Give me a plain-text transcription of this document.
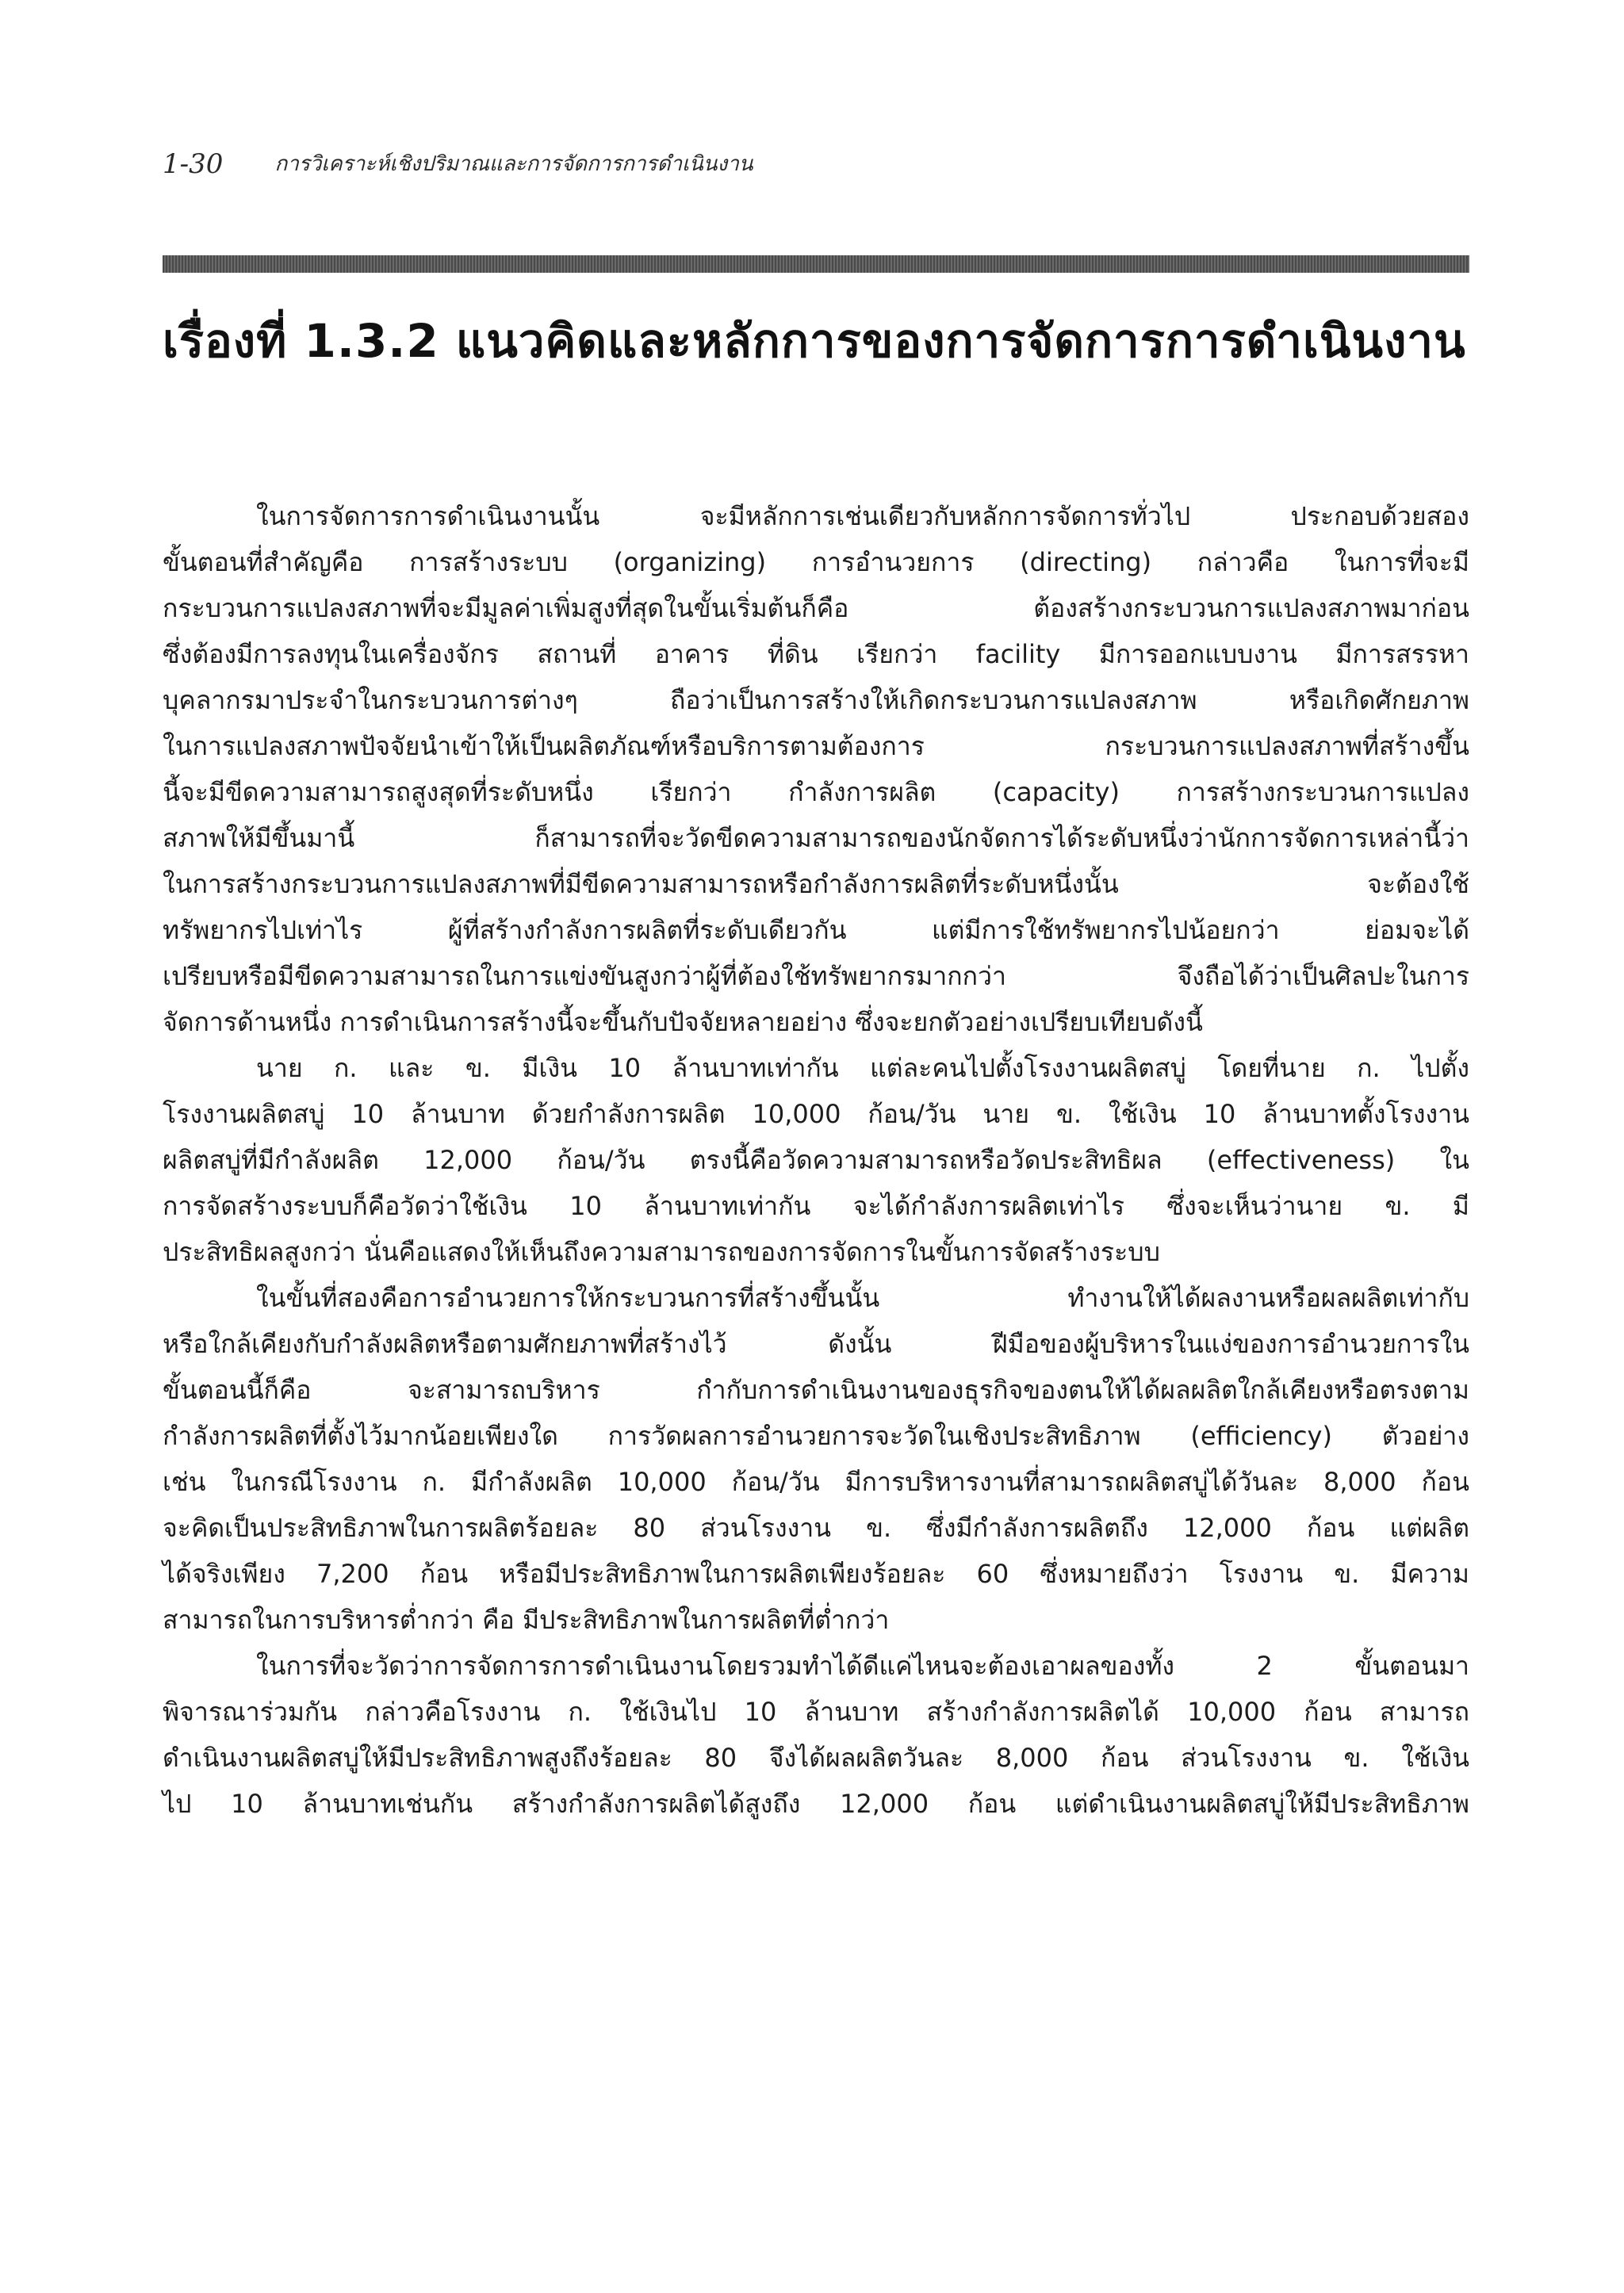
1-30	การวิเคราะห์เชิงปริมาณและการจัดการการดำเนินงาน
เรื่องที่ 1.3.2 แนวคิดและหลักการของการจัดการการดำเนินงาน
ในการจัดการการดำเนินงานนั้น จะมีหลักการเช่นเดียวกับหลักการจัดการทั่วไป ประกอบด้วยสอง
ขั้นตอนที่สำคัญคือ การสร้างระบบ (organizing) การอำนวยการ (directing) กล่าวคือ ในการที่จะมี
กระบวนการแปลงสภาพที่จะมีมูลค่าเพิ่มสูงที่สุดในขั้นเริ่มต้นก็คือ ต้องสร้างกระบวนการแปลงสภาพมาก่อน
ซึ่งต้องมีการลงทุนในเครื่องจักร สถานที่ อาคาร ที่ดิน เรียกว่า facility มีการออกแบบงาน มีการสรรหา
บุคลากรมาประจำในกระบวนการต่างๆ ถือว่าเป็นการสร้างให้เกิดกระบวนการแปลงสภาพ หรือเกิดศักยภาพ
ในการแปลงสภาพปัจจัยนำเข้าให้เป็นผลิตภัณฑ์หรือบริการตามต้องการ กระบวนการแปลงสภาพที่สร้างขึ้น
นี้จะมีขีดความสามารถสูงสุดที่ระดับหนึ่ง เรียกว่า กำลังการผลิต (capacity) การสร้างกระบวนการแปลง
สภาพให้มีขึ้นมานี้ ก็สามารถที่จะวัดขีดความสามารถของนักจัดการได้ระดับหนึ่งว่านักการจัดการเหล่านี้ว่า
ในการสร้างกระบวนการแปลงสภาพที่มีขีดความสามารถหรือกำลังการผลิตที่ระดับหนึ่งนั้น จะต้องใช้
ทรัพยากรไปเท่าไร ผู้ที่สร้างกำลังการผลิตที่ระดับเดียวกัน แต่มีการใช้ทรัพยากรไปน้อยกว่า ย่อมจะได้
เปรียบหรือมีขีดความสามารถในการแข่งขันสูงกว่าผู้ที่ต้องใช้ทรัพยากรมากกว่า จึงถือได้ว่าเป็นศิลปะในการ
จัดการด้านหนึ่ง การดำเนินการสร้างนี้จะขึ้นกับปัจจัยหลายอย่าง ซึ่งจะยกตัวอย่างเปรียบเทียบดังนี้
นาย ก. และ ข. มีเงิน 10 ล้านบาทเท่ากัน แต่ละคนไปตั้งโรงงานผลิตสบู่ โดยที่นาย ก. ไปตั้ง
โรงงานผลิตสบู่ 10 ล้านบาท ด้วยกำลังการผลิต 10,000 ก้อน/วัน นาย ข. ใช้เงิน 10 ล้านบาทตั้งโรงงาน
ผลิตสบู่ที่มีกำลังผลิต 12,000 ก้อน/วัน ตรงนี้คือวัดความสามารถหรือวัดประสิทธิผล (effectiveness) ใน
การจัดสร้างระบบก็คือวัดว่าใช้เงิน 10 ล้านบาทเท่ากัน จะได้กำลังการผลิตเท่าไร ซึ่งจะเห็นว่านาย ข. มี
ประสิทธิผลสูงกว่า นั่นคือแสดงให้เห็นถึงความสามารถของการจัดการในขั้นการจัดสร้างระบบ
ในขั้นที่สองคือการอำนวยการให้กระบวนการที่สร้างขึ้นนั้น ทำงานให้ได้ผลงานหรือผลผลิตเท่ากับ
หรือใกล้เคียงกับกำลังผลิตหรือตามศักยภาพที่สร้างไว้ ดังนั้น ฝีมือของผู้บริหารในแง่ของการอำนวยการใน
ขั้นตอนนี้ก็คือ จะสามารถบริหาร กำกับการดำเนินงานของธุรกิจของตนให้ได้ผลผลิตใกล้เคียงหรือตรงตาม
กำลังการผลิตที่ตั้งไว้มากน้อยเพียงใด การวัดผลการอำนวยการจะวัดในเชิงประสิทธิภาพ (efficiency) ตัวอย่าง
เช่น ในกรณีโรงงาน ก. มีกำลังผลิต 10,000 ก้อน/วัน มีการบริหารงานที่สามารถผลิตสบู่ได้วันละ 8,000 ก้อน
จะคิดเป็นประสิทธิภาพในการผลิตร้อยละ 80 ส่วนโรงงาน ข. ซึ่งมีกำลังการผลิตถึง 12,000 ก้อน แต่ผลิต
ได้จริงเพียง 7,200 ก้อน หรือมีประสิทธิภาพในการผลิตเพียงร้อยละ 60 ซึ่งหมายถึงว่า โรงงาน ข. มีความ
สามารถในการบริหารต่ำกว่า คือ มีประสิทธิภาพในการผลิตที่ต่ำกว่า
ในการที่จะวัดว่าการจัดการการดำเนินงานโดยรวมทำได้ดีแค่ไหนจะต้องเอาผลของทั้ง 2 ขั้นตอนมา
พิจารณาร่วมกัน กล่าวคือโรงงาน ก. ใช้เงินไป 10 ล้านบาท สร้างกำลังการผลิตได้ 10,000 ก้อน สามารถ
ดำเนินงานผลิตสบู่ให้มีประสิทธิภาพสูงถึงร้อยละ 80 จึงได้ผลผลิตวันละ 8,000 ก้อน ส่วนโรงงาน ข. ใช้เงิน
ไป 10 ล้านบาทเช่นกัน สร้างกำลังการผลิตได้สูงถึง 12,000 ก้อน แต่ดำเนินงานผลิตสบู่ให้มีประสิทธิภาพ
